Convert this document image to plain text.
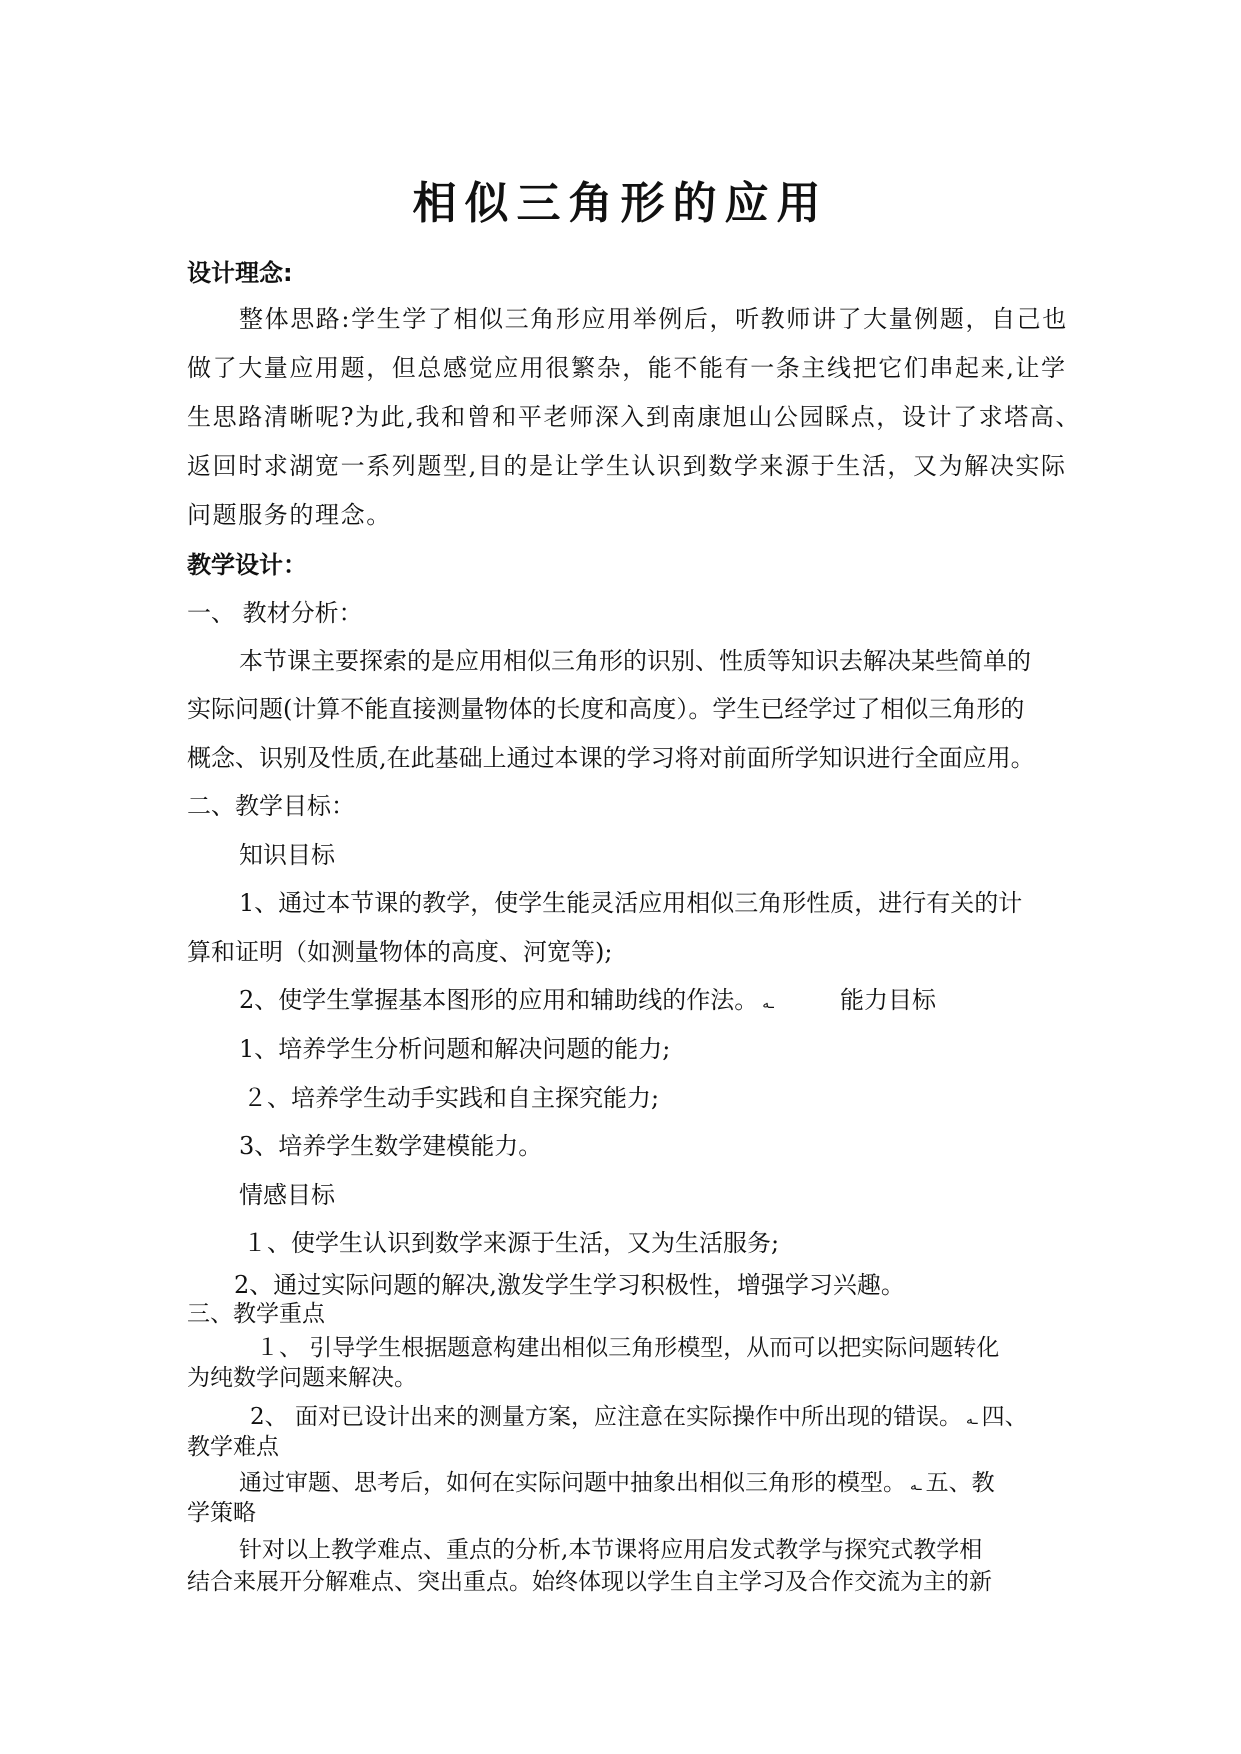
相似三角形的应用
设计理念:
整体思路:学生学了相似三角形应用举例后，听教师讲了大量例题，自己也
做了大量应用题，但总感觉应用很繁杂，能不能有一条主线把它们串起来,让学
生思路清晰呢?为此,我和曾和平老师深入到南康旭山公园睬点，设计了求塔高、
返回时求湖宽一系列题型,目的是让学生认识到数学来源于生活，又为解决实际
问题服务的理念。
教学设计：
一、 教材分析：
本节课主要探索的是应用相似三角形的识别、性质等知识去解决某些简单的
实际问题(计算不能直接测量物体的长度和高度）。学生已经学过了相似三角形的
概念、识别及性质,在此基础上通过本课的学习将对前面所学知识进行全面应用。
二、教学目标：
知识目标
1、通过本节课的教学，使学生能灵活应用相似三角形性质，进行有关的计
算和证明（如测量物体的高度、河宽等);
2、使学生掌握基本图形的应用和辅助线的作法。 ـه	能力目标
1、培养学生分析问题和解决问题的能力;
２、培养学生动手实践和自主探究能力;
3、培养学生数学建模能力。
情感目标
１、使学生认识到数学来源于生活，又为生活服务;
2、通过实际问题的解决,激发学生学习积极性，增强学习兴趣。
三、教学重点
１、 引导学生根据题意构建出相似三角形模型，从而可以把实际问题转化
为纯数学问题来解决。
2、 面对已设计出来的测量方案，应注意在实际操作中所出现的错误。 ـه 四、
教学难点
通过审题、思考后，如何在实际问题中抽象出相似三角形的模型。 ـه 五、教
学策略
针对以上教学难点、重点的分析,本节课将应用启发式教学与探究式教学相
结合来展开分解难点、突出重点。始终体现以学生自主学习及合作交流为主的新
